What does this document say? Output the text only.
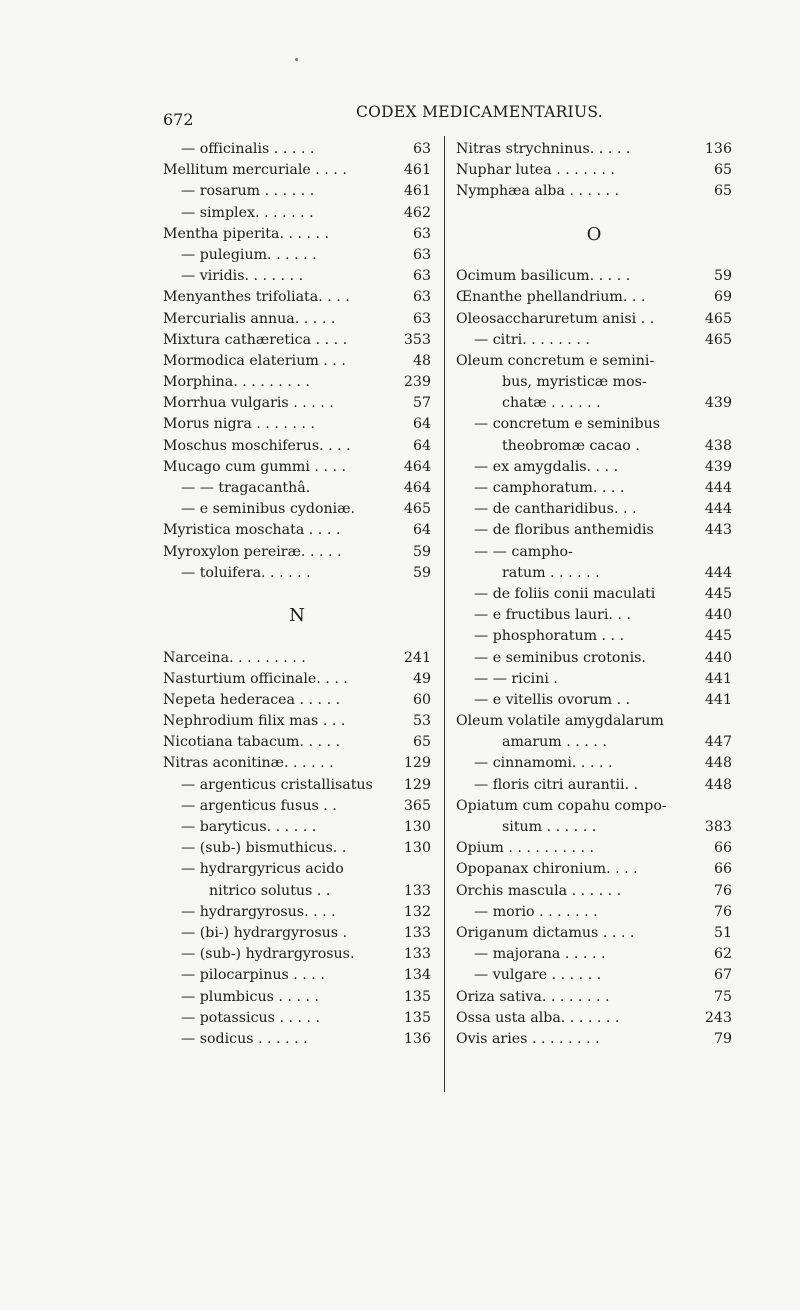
672	CODEX MEDICAMENTARIUS.
— officinalis . . . . .	63
Mellitum mercuriale . . . .	461
— rosarum . . . . . .	461
— simplex. . . . . . .	462
Mentha piperita. . . . . .	63
— pulegium. . . . . .	63
— viridis. . . . . . .	63
Menyanthes trifoliata. . . .	63
Mercurialis annua. . . . .	63
Mixtura cathæretica . . . .	353
Mormodica elaterium . . .	48
Morphina. . . . . . . . .	239
Morrhua vulgaris . . . . .	57
Morus nigra . . . . . . .	64
Moschus moschiferus. . . .	64
Mucago cum gummi . . . .	464
— — tragacanthâ.	464
— e seminibus cydoniæ.	465
Myristica moschata . . . .	64
Myroxylon pereiræ. . . . .	59
— toluifera. . . . . .	59
N
Narceina. . . . . . . . .	241
Nasturtium officinale. . . .	49
Nepeta hederacea . . . . .	60
Nephrodium filix mas . . .	53
Nicotiana tabacum. . . . .	65
Nitras aconitinæ. . . . . .	129
— argenticus cristallisatus	129
— argenticus fusus . .	365
— baryticus. . . . . .	130
— (sub-) bismuthicus. .	130
— hydrargyricus acido
nitrico solutus . .	133
— hydrargyrosus. . . .	132
— (bi-) hydrargyrosus .	133
— (sub-) hydrargyrosus.	133
— pilocarpinus . . . .	134
— plumbicus . . . . .	135
— potassicus . . . . .	135
— sodicus . . . . . .	136
Nitras strychninus. . . . .	136
Nuphar lutea . . . . . . .	65
Nymphæa alba . . . . . .	65
O
Ocimum basilicum. . . . .	59
Œnanthe phellandrium. . .	69
Oleosaccharuretum anisi . .	465
— citri. . . . . . . .	465
Oleum concretum e semini-
bus, myristicæ mos-
chatæ . . . . . .	439
— concretum e seminibus
theobromæ cacao .	438
— ex amygdalis. . . .	439
— camphoratum. . . .	444
— de cantharidibus. . .	444
— de floribus anthemidis	443
— — campho-
ratum . . . . . .	444
— de foliis conii maculati	445
— e fructibus lauri. . .	440
— phosphoratum . . .	445
— e seminibus crotonis.	440
— — ricini .	441
— e vitellis ovorum . .	441
Oleum volatile amygdalarum
amarum . . . . .	447
— cinnamomi. . . . .	448
— floris citri aurantii. .	448
Opiatum cum copahu compo-
situm . . . . . .	383
Opium . . . . . . . . . .	66
Opopanax chironium. . . .	66
Orchis mascula . . . . . .	76
— morio . . . . . . .	76
Origanum dictamus . . . .	51
— majorana . . . . .	62
— vulgare . . . . . .	67
Oriza sativa. . . . . . . .	75
Ossa usta alba. . . . . . .	243
Ovis aries . . . . . . . .	79
